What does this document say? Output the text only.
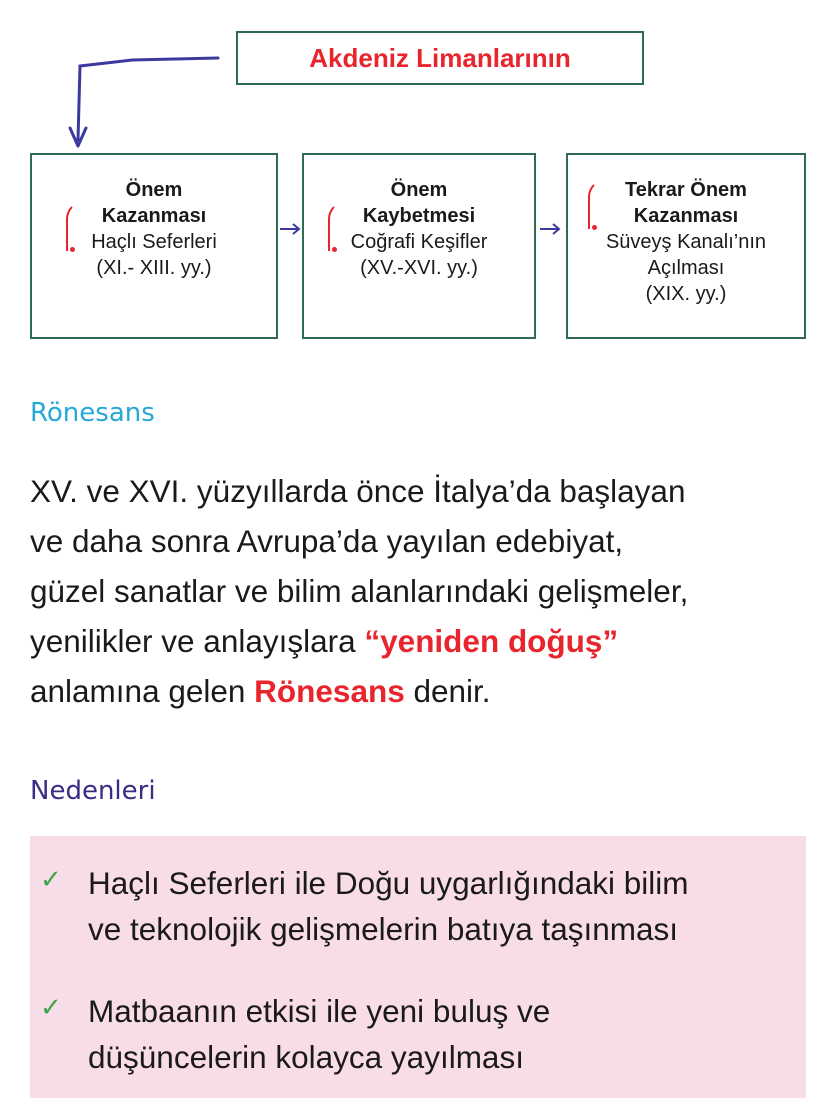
Akdeniz Limanlarının
Önem
Kazanması
Haçlı Seferleri
(XI.- XIII. yy.)
Önem
Kaybetmesi
Coğrafi Keşifler
(XV.-XVI. yy.)
Tekrar Önem
Kazanması
Süveyş Kanalı’nın
Açılması
(XIX. yy.)
Rönesans
XV. ve XVI. yüzyıllarda önce İtalya’da başlayan
ve daha sonra Avrupa’da yayılan edebiyat,
güzel sanatlar ve bilim alanlarındaki gelişmeler,
yenilikler ve anlayışlara “yeniden doğuş”
anlamına gelen Rönesans denir.
Nedenleri
✓ Haçlı Seferleri ile Doğu uygarlığındaki bilim
ve teknolojik gelişmelerin batıya taşınması
✓ Matbaanın etkisi ile yeni buluş ve
düşüncelerin kolayca yayılması
